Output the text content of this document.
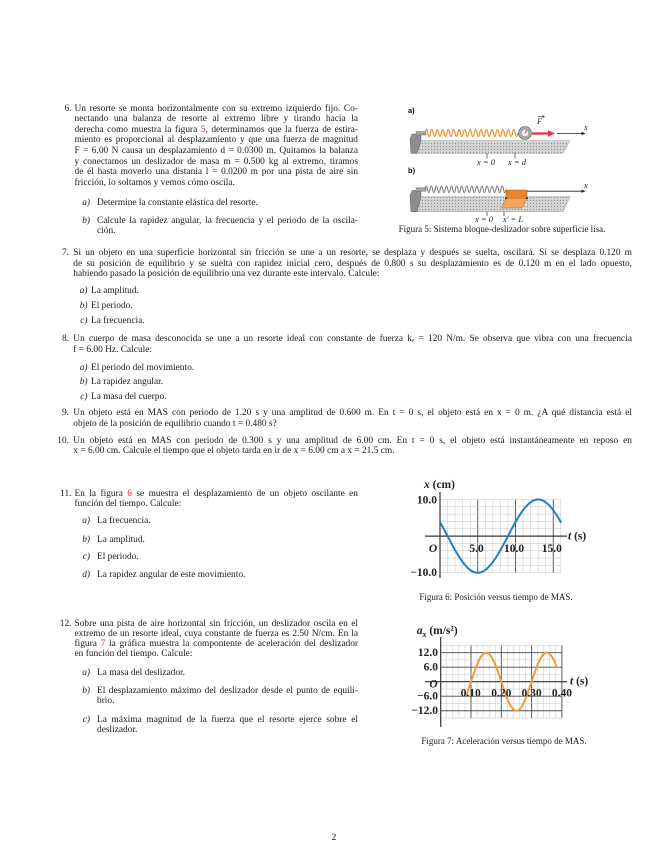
6. Un resorte se monta horizontalmente con su extremo izquierdo fijo. Co-
nectando una balanza de resorte al extremo libre y tirando hacia la
derecha como muestra la figura 5, determinamos que la fuerza de estira-
miento es proporcional al desplazamiento y que una fuerza de magnitud
F = 6.00 N causa un desplazamiento d = 0.0300 m. Quitamos la balanza
y conectamos un deslizador de masa m = 0.500 kg al extremo, tiramos
de él hasta moverlo una distania l = 0.0200 m por una pista de aire sin
fricción, lo soltamos y vemos cómo oscila.
a) Determine la constante elástica del resorte.
b) Calcule la rapidez angular, la frecuencia y el periodo de la oscila-
ción.
a)
F
x
x = 0 x = d
b)
x
x = 0 x' = L
Figura 5: Sistema bloque-deslizador sobre superficie lisa.
7. Si un objeto en una superficie horizontal sin fricción se une a un resorte, se desplaza y después se suelta, oscilará. Si se desplaza 0.120 m
de su posición de equilibrio y se suelta con rapidez inicial cero, después de 0.800 s su desplazamiento es de 0.120 m en el lado opuesto,
habiendo pasado la posición de equilibrio una vez durante este intervalo. Calcule:
a) La amplitud.
b) El periodo.
c) La frecuencia.
8. Un cuerpo de masa desconocida se une a un resorte ideal con constante de fuerza kₑ = 120 N/m. Se observa que vibra con una frecuencia
f = 6.00 Hz. Calcule:
a) El periodo del movimiento.
b) La rapidez angular.
c) La masa del cuerpo.
9. Un objeto está en MAS con periodo de 1.20 s y una amplitud de 0.600 m. En t = 0 s, el objeto está en x = 0 m. ¿A qué distancia está el
objeto de la posición de equilibrio cuando t = 0.480 s?
10. Un objeto está en MAS con periodo de 0.300 s y una amplitud de 6.00 cm. En t = 0 s, el objeto está instantáneamente en reposo en
x = 6.00 cm. Calcule el tiempo que el objeto tarda en ir de x = 6.00 cm a x = 21.5 cm.
11. En la figura 6 se muestra el desplazamiento de un objeto oscilante en
función del tiempo. Calcule:
a) La frecuencia.
b) La amplitud.
c) El periodo.
d) La rapidez angular de este movimiento.
x (cm)
10.0
−10.0
O	5.0 10.0 15.0
t (s)
Figura 6: Posición versus tiempo de MAS.
12. Sobre una pista de aire horizontal sin fricción, un deslizador oscila en el
extremo de un resorte ideal, cuya constante de fuerza es 2.50 N/cm. En la
figura 7 la gráfica muestra la compontente de aceleración del deslizador
en función del tiempo. Calcule:
a) La masa del deslizador.
b) El desplazamiento máximo del deslizador desde el punto de equili-
brio.
c) La máxima magnitud de la fuerza que el resorte ejerce sobre el
deslizador.
$a_x$ (m/s²)
12.0
6.0
O
−6.0
−12.0
0.10 0.20 0.30 0.40
t (s)
Figura 7: Aceleración versus tiempo de MAS.
2
